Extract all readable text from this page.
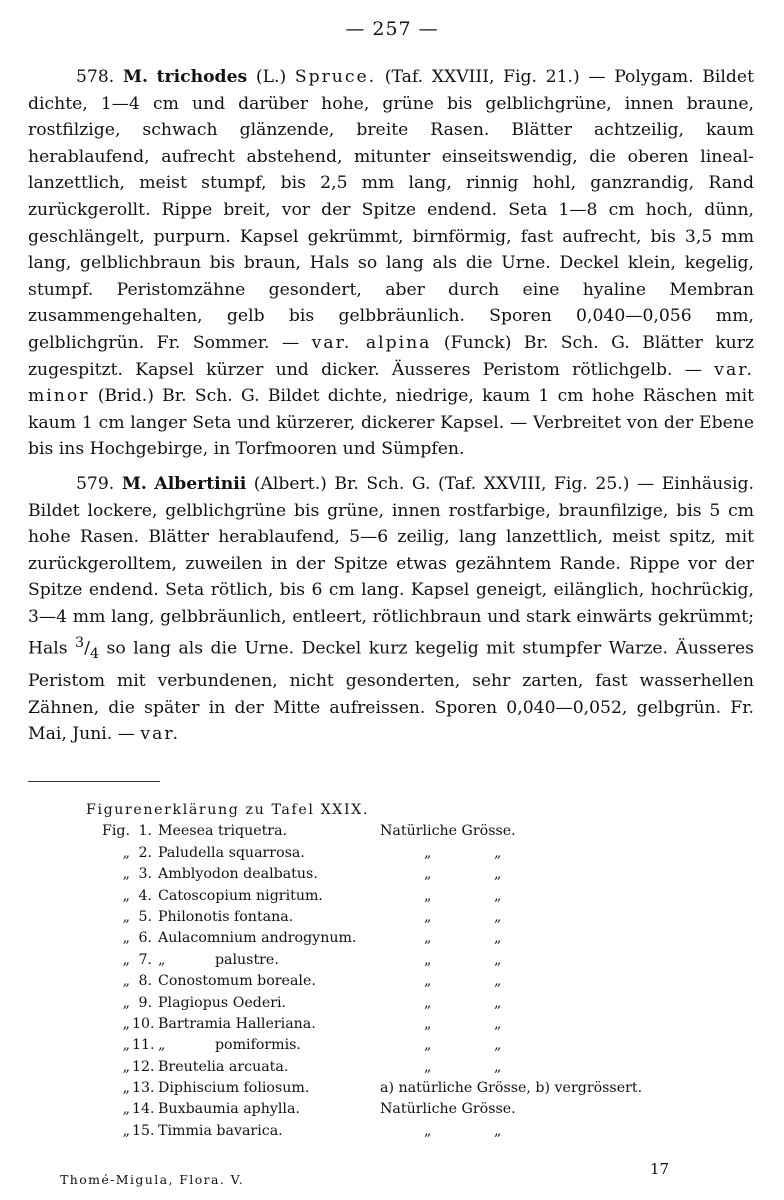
— 257 —

578. M. trichodes (L.) Spruce. (Taf. XXVIII, Fig. 21.) — Polygam. Bildet dichte, 1—4 cm und darüber hohe, grüne bis gelblichgrüne, innen braune, rostfilzige, schwach glänzende, breite Rasen. Blätter achtzeilig, kaum herablaufend, aufrecht abstehend, mitunter einseitswendig, die oberen lineal-lanzettlich, meist stumpf, bis 2,5 mm lang, rinnig hohl, ganzrandig, Rand zurückgerollt. Rippe breit, vor der Spitze endend. Seta 1—8 cm hoch, dünn, geschlängelt, purpurn. Kapsel gekrümmt, birnförmig, fast aufrecht, bis 3,5 mm lang, gelblichbraun bis braun, Hals so lang als die Urne. Deckel klein, kegelig, stumpf. Peristomzähne gesondert, aber durch eine hyaline Membran zusammengehalten, gelb bis gelbbräunlich. Sporen 0,040—0,056 mm, gelblichgrün. Fr. Sommer. — var. alpina (Funck) Br. Sch. G. Blätter kurz zugespitzt. Kapsel kürzer und dicker. Äusseres Peristom rötlichgelb. — var. minor (Brid.) Br. Sch. G. Bildet dichte, niedrige, kaum 1 cm hohe Räschen mit kaum 1 cm langer Seta und kürzerer, dickerer Kapsel. — Verbreitet von der Ebene bis ins Hochgebirge, in Torfmooren und Sümpfen.

579. M. Albertinii (Albert.) Br. Sch. G. (Taf. XXVIII, Fig. 25.) — Einhäusig. Bildet lockere, gelblichgrüne bis grüne, innen rostfarbige, braunfilzige, bis 5 cm hohe Rasen. Blätter herablaufend, 5—6 zeilig, lang lanzettlich, meist spitz, mit zurückgerolltem, zuweilen in der Spitze etwas gezähntem Rande. Rippe vor der Spitze endend. Seta rötlich, bis 6 cm lang. Kapsel geneigt, eilänglich, hochrückig, 3—4 mm lang, gelbbräunlich, entleert, rötlichbraun und stark einwärts gekrümmt; Hals $^3/_4$ so lang als die Urne. Deckel kurz kegelig mit stumpfer Warze. Äusseres Peristom mit verbundenen, nicht gesonderten, sehr zarten, fast wasserhellen Zähnen, die später in der Mitte aufreissen. Sporen 0,040—0,052, gelbgrün. Fr. Mai, Juni. — var.

Figurenerklärung zu Tafel XXIX.
Fig. 1. Meesea triquetra.	Natürliche Grösse.
„ 2. Paludella squarrosa.	„	„
„ 3. Amblyodon dealbatus.	„	„
„ 4. Catoscopium nigritum.	„	„
„ 5. Philonotis fontana.	„	„
„ 6. Aulacomnium androgynum.	„	„
„ 7. „           palustre.	„	„
„ 8. Conostomum boreale.	„	„
„ 9. Plagiopus Oederi.	„	„
„ 10. Bartramia Halleriana.	„	„
„ 11. „           pomiformis.	„	„
„ 12. Breutelia arcuata.	„	„
„ 13. Diphiscium foliosum.	a) natürliche Grösse, b) vergrössert.
„ 14. Buxbaumia aphylla.	Natürliche Grösse.
„ 15. Timmia bavarica.	„	„
Thomé-Migula, Flora. V.
17
